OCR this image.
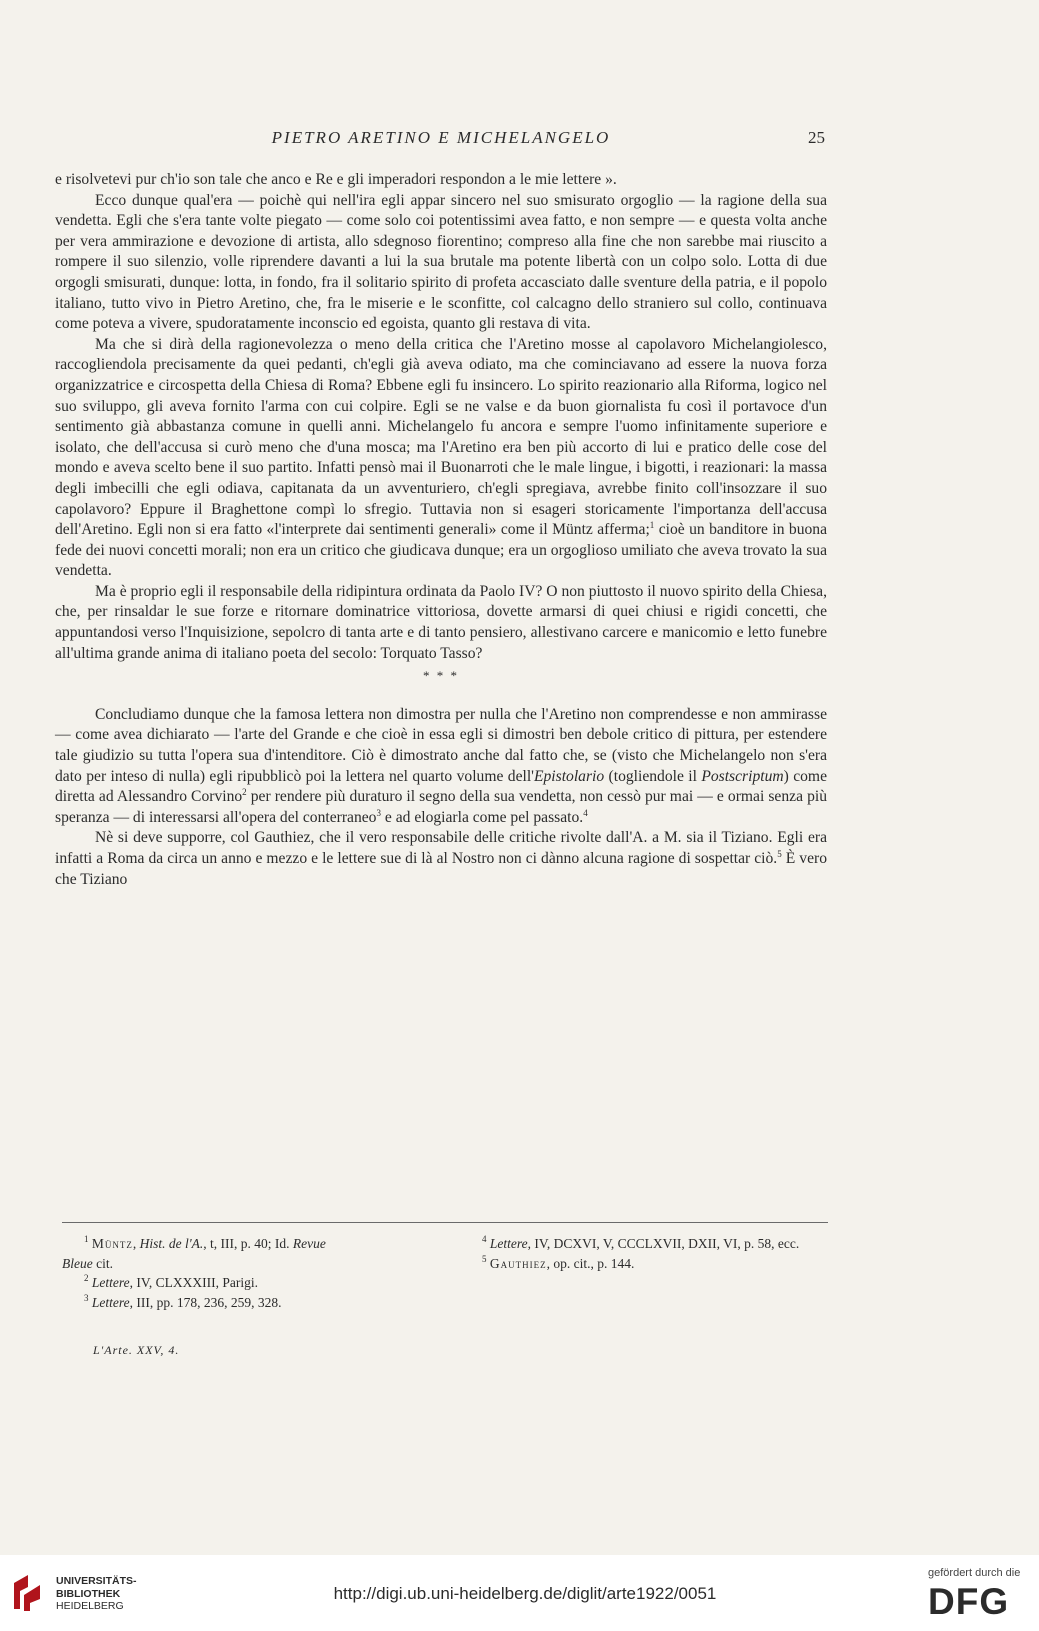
PIETRO ARETINO E MICHELANGELO	25

e risolvetevi pur ch'io son tale che anco e Re e gli imperadori respondon a le mie lettere ».

Ecco dunque qual'era — poichè qui nell'ira egli appar sincero nel suo smisurato orgoglio — la ragione della sua vendetta. Egli che s'era tante volte piegato — come solo coi potentissimi avea fatto, e non sempre — e questa volta anche per vera ammirazione e devozione di artista, allo sdegnoso fiorentino; compreso alla fine che non sarebbe mai riuscito a rompere il suo silenzio, volle riprendere davanti a lui la sua brutale ma potente libertà con un colpo solo. Lotta di due orgogli smisurati, dunque: lotta, in fondo, fra il solitario spirito di profeta accasciato dalle sventure della patria, e il popolo italiano, tutto vivo in Pietro Aretino, che, fra le miserie e le sconfitte, col calcagno dello straniero sul collo, continuava come poteva a vivere, spudoratamente inconscio ed egoista, quanto gli restava di vita.

Ma che si dirà della ragionevolezza o meno della critica che l'Aretino mosse al capolavoro Michelangiolesco, raccogliendola precisamente da quei pedanti, ch'egli già aveva odiato, ma che cominciavano ad essere la nuova forza organizzatrice e circospetta della Chiesa di Roma? Ebbene egli fu insincero. Lo spirito reazionario alla Riforma, logico nel suo sviluppo, gli aveva fornito l'arma con cui colpire. Egli se ne valse e da buon giornalista fu così il portavoce d'un sentimento già abbastanza comune in quelli anni. Michelangelo fu ancora e sempre l'uomo infinitamente superiore e isolato, che dell'accusa si curò meno che d'una mosca; ma l'Aretino era ben più accorto di lui e pratico delle cose del mondo e aveva scelto bene il suo partito. Infatti pensò mai il Buonarroti che le male lingue, i bigotti, i reazionari: la massa degli imbecilli che egli odiava, capitanata da un avventuriero, ch'egli spregiava, avrebbe finito coll'insozzare il suo capolavoro? Eppure il Braghettone compì lo sfregio. Tuttavia non si esageri storicamente l'importanza dell'accusa dell'Aretino. Egli non si era fatto «l'interprete dai sentimenti generali» come il Müntz afferma;$^1$ cioè un banditore in buona fede dei nuovi concetti morali; non era un critico che giudicava dunque; era un orgoglioso umiliato che aveva trovato la sua vendetta.

Ma è proprio egli il responsabile della ridipintura ordinata da Paolo IV? O non piuttosto il nuovo spirito della Chiesa, che, per rinsaldar le sue forze e ritornare dominatrice vittoriosa, dovette armarsi di quei chiusi e rigidi concetti, che appuntandosi verso l'Inquisizione, sepolcro di tanta arte e di tanto pensiero, allestivano carcere e manicomio e letto funebre all'ultima grande anima di italiano poeta del secolo: Torquato Tasso?

* * *

Concludiamo dunque che la famosa lettera non dimostra per nulla che l'Aretino non comprendesse e non ammirasse — come avea dichiarato — l'arte del Grande e che cioè in essa egli si dimostri ben debole critico di pittura, per estendere tale giudizio su tutta l'opera sua d'intenditore. Ciò è dimostrato anche dal fatto che, se (visto che Michelangelo non s'era dato per inteso di nulla) egli ripubblicò poi la lettera nel quarto volume dell'Epistolario (togliendole il Postscriptum) come diretta ad Alessandro Corvino$^2$ per rendere più duraturo il segno della sua vendetta, non cessò pur mai — e ormai senza più speranza — di interessarsi all'opera del conterraneo$^3$ e ad elogiarla come pel passato.$^4$

Nè si deve supporre, col Gauthiez, che il vero responsabile delle critiche rivolte dall'A. a M. sia il Tiziano. Egli era infatti a Roma da circa un anno e mezzo e le lettere sue di là al Nostro non ci dànno alcuna ragione di sospettar ciò.$^5$ È vero che Tiziano

$^1$ Müntz, Hist. de l'A., t, III, p. 40; Id. Revue
Bleue cit.

$^2$ Lettere, IV, CLXXXIII, Parigi.

$^3$ Lettere, III, pp. 178, 236, 259, 328.

$^4$ Lettere, IV, DCXVI, V, CCCLXVII, DXII, VI, p. 58, ecc.

$^5$ Gauthiez, op. cit., p. 144.

L'Arte. XXV, 4.
UNIVERSITÄTS-
BIBLIOTHEK
HEIDELBERG
http://digi.ub.uni-heidelberg.de/diglit/arte1922/0051
gefördert durch die
DFG
